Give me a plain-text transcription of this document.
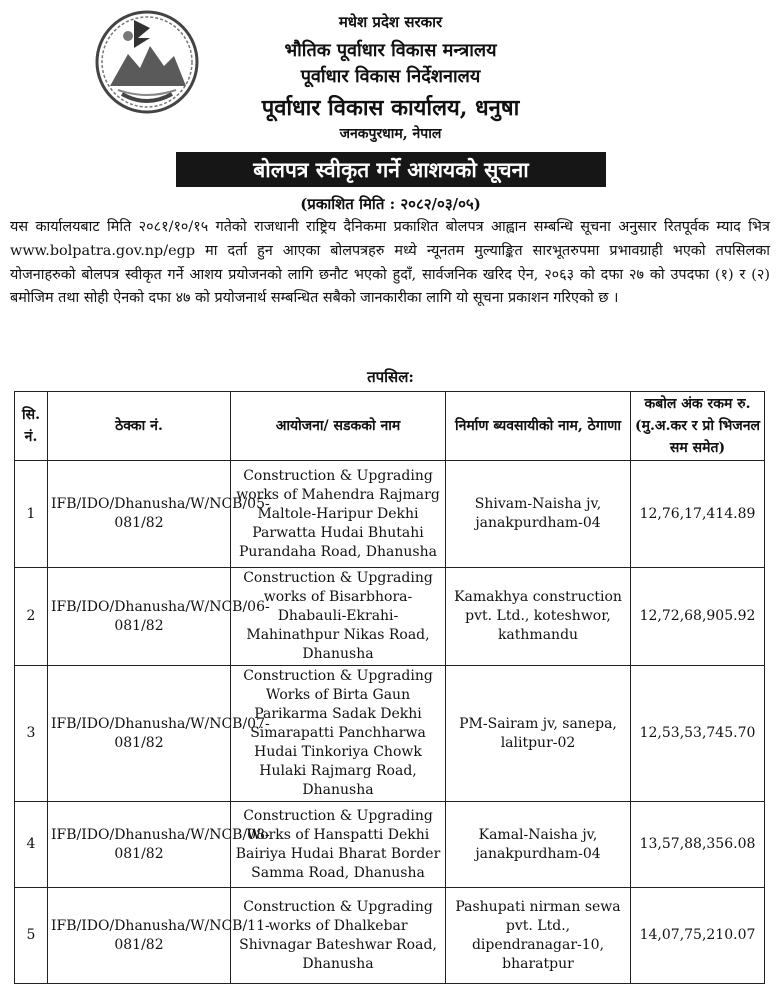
मधेश प्रदेश सरकार
भौतिक पूर्वाधार विकास मन्त्रालय
पूर्वाधार विकास निर्देशनालय
पूर्वाधार विकास कार्यालय, धनुषा
जनकपुरधाम, नेपाल
बोलपत्र स्वीकृत गर्ने आशयको सूचना
(प्रकाशित मिति : २०८२/०३/०५)

यस कार्यालयबाट मिति २०८१/१०/१५ गतेको राजधानी राष्ट्रिय दैनिकमा प्रकाशित बोलपत्र आह्वान सम्बन्धि सूचना अनुसार रितपूर्वक म्याद भित्र www.bolpatra.gov.np/egp मा दर्ता हुन आएका बोलपत्रहरु मध्ये न्यूनतम मुल्याङ्कित सारभूतरुपमा प्रभावग्राही भएको तपसिलका योजनाहरुको बोलपत्र स्वीकृत गर्ने आशय प्रयोजनको लागि छनौट भएको हुदाँ, सार्वजनिक खरिद ऐन, २०६३ को दफा २७ को उपदफा (१) र (२) बमोजिम तथा सोही ऐनको दफा ४७ को प्रयोजनार्थ सम्बन्धित सबैको जानकारीका लागि यो सूचना प्रकाशन गरिएको छ ।

तपसिल:
सि. नं.	ठेक्का नं.	आयोजना/ सडकको नाम	निर्माण ब्यवसायीको नाम, ठेगाणा	कबोल अंक रकम रु. (मु.अ.कर र प्रो भिजनल सम समेत)
1	IFB/IDO/Dhanusha/W/NCB/05-081/82	Construction & Upgrading works of Mahendra Rajmarg Maltole-Haripur Dekhi Parwatta Hudai Bhutahi Purandaha Road, Dhanusha	Shivam-Naisha jv, janakpurdham-04	12,76,17,414.89
2	IFB/IDO/Dhanusha/W/NCB/06-081/82	Construction & Upgrading works of Bisarbhora-Dhabauli-Ekrahi-Mahinathpur Nikas Road, Dhanusha	Kamakhya construction pvt. Ltd., koteshwor, kathmandu	12,72,68,905.92
3	IFB/IDO/Dhanusha/W/NCB/07-081/82	Construction & Upgrading Works of Birta Gaun Parikarma Sadak Dekhi Simarapatti Panchharwa Hudai Tinkoriya Chowk Hulaki Rajmarg Road, Dhanusha	PM-Sairam jv, sanepa, lalitpur-02	12,53,53,745.70
4	IFB/IDO/Dhanusha/W/NCB/08-081/82	Construction & Upgrading Works of Hanspatti Dekhi Bairiya Hudai Bharat Border Samma Road, Dhanusha	Kamal-Naisha jv, janakpurdham-04	13,57,88,356.08
5	IFB/IDO/Dhanusha/W/NCB/11-081/82	Construction & Upgrading works of Dhalkebar Shivnagar Bateshwar Road, Dhanusha	Pashupati nirman sewa pvt. Ltd., dipendranagar-10, bharatpur	14,07,75,210.07
